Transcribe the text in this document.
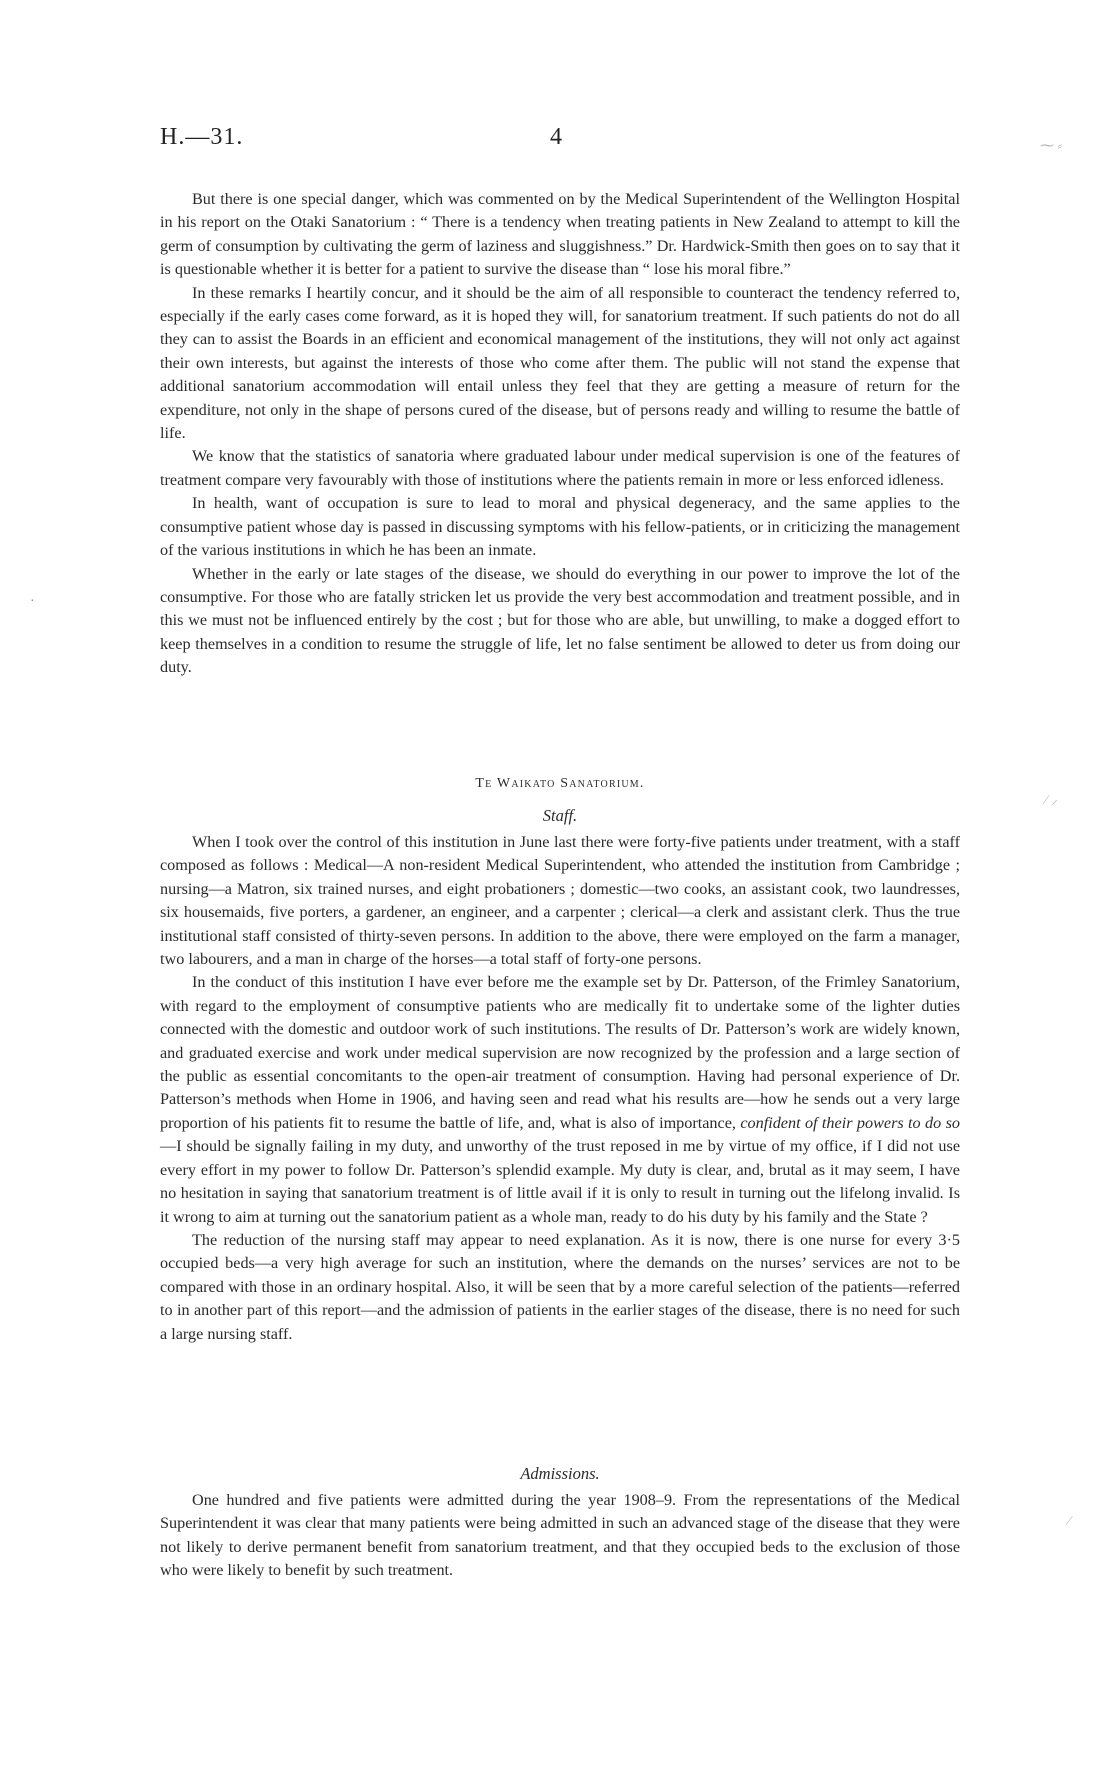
H.—31.	4

But there is one special danger, which was commented on by the Medical Superintendent of the Wellington Hospital in his report on the Otaki Sanatorium : “ There is a tendency when treating patients in New Zealand to attempt to kill the germ of consumption by cultivating the germ of laziness and sluggishness.” Dr. Hardwick-Smith then goes on to say that it is questionable whether it is better for a patient to survive the disease than “ lose his moral fibre.”

In these remarks I heartily concur, and it should be the aim of all responsible to counteract the tendency referred to, especially if the early cases come forward, as it is hoped they will, for sanatorium treatment. If such patients do not do all they can to assist the Boards in an efficient and economical management of the institutions, they will not only act against their own interests, but against the interests of those who come after them. The public will not stand the expense that additional sanatorium accommodation will entail unless they feel that they are getting a measure of return for the expenditure, not only in the shape of persons cured of the disease, but of persons ready and willing to resume the battle of life.

We know that the statistics of sanatoria where graduated labour under medical supervision is one of the features of treatment compare very favourably with those of institutions where the patients remain in more or less enforced idleness.

In health, want of occupation is sure to lead to moral and physical degeneracy, and the same applies to the consumptive patient whose day is passed in discussing symptoms with his fellow-patients, or in criticizing the management of the various institutions in which he has been an inmate.

Whether in the early or late stages of the disease, we should do everything in our power to improve the lot of the consumptive. For those who are fatally stricken let us provide the very best accommodation and treatment possible, and in this we must not be influenced entirely by the cost ; but for those who are able, but unwilling, to make a dogged effort to keep themselves in a condition to resume the struggle of life, let no false sentiment be allowed to deter us from doing our duty.

Te Waikato Sanatorium.
Staff.

When I took over the control of this institution in June last there were forty-five patients under treatment, with a staff composed as follows : Medical—A non-resident Medical Superintendent, who attended the institution from Cambridge ; nursing—a Matron, six trained nurses, and eight probationers ; domestic—two cooks, an assistant cook, two laundresses, six housemaids, five porters, a gardener, an engineer, and a carpenter ; clerical—a clerk and assistant clerk. Thus the true institutional staff consisted of thirty-seven persons. In addition to the above, there were employed on the farm a manager, two labourers, and a man in charge of the horses—a total staff of forty-one persons.

In the conduct of this institution I have ever before me the example set by Dr. Patterson, of the Frimley Sanatorium, with regard to the employment of consumptive patients who are medically fit to undertake some of the lighter duties connected with the domestic and outdoor work of such institutions. The results of Dr. Patterson’s work are widely known, and graduated exercise and work under medical supervision are now recognized by the profession and a large section of the public as essential concomitants to the open-air treatment of consumption. Having had personal experience of Dr. Patterson’s methods when Home in 1906, and having seen and read what his results are—how he sends out a very large proportion of his patients fit to resume the battle of life, and, what is also of importance, confident of their powers to do so—I should be signally failing in my duty, and unworthy of the trust reposed in me by virtue of my office, if I did not use every effort in my power to follow Dr. Patterson’s splendid example. My duty is clear, and, brutal as it may seem, I have no hesitation in saying that sanatorium treatment is of little avail if it is only to result in turning out the lifelong invalid. Is it wrong to aim at turning out the sanatorium patient as a whole man, ready to do his duty by his family and the State ?

The reduction of the nursing staff may appear to need explanation. As it is now, there is one nurse for every 3·5 occupied beds—a very high average for such an institution, where the demands on the nurses’ services are not to be compared with those in an ordinary hospital. Also, it will be seen that by a more careful selection of the patients—referred to in another part of this report—and the admission of patients in the earlier stages of the disease, there is no need for such a large nursing staff.

Admissions.

One hundred and five patients were admitted during the year 1908–9. From the representations of the Medical Superintendent it was clear that many patients were being admitted in such an advanced stage of the disease that they were not likely to derive permanent benefit from sanatorium treatment, and that they occupied beds to the exclusion of those who were likely to benefit by such treatment.

⁓ ⸗
⁄ ⸝
⁄
·
